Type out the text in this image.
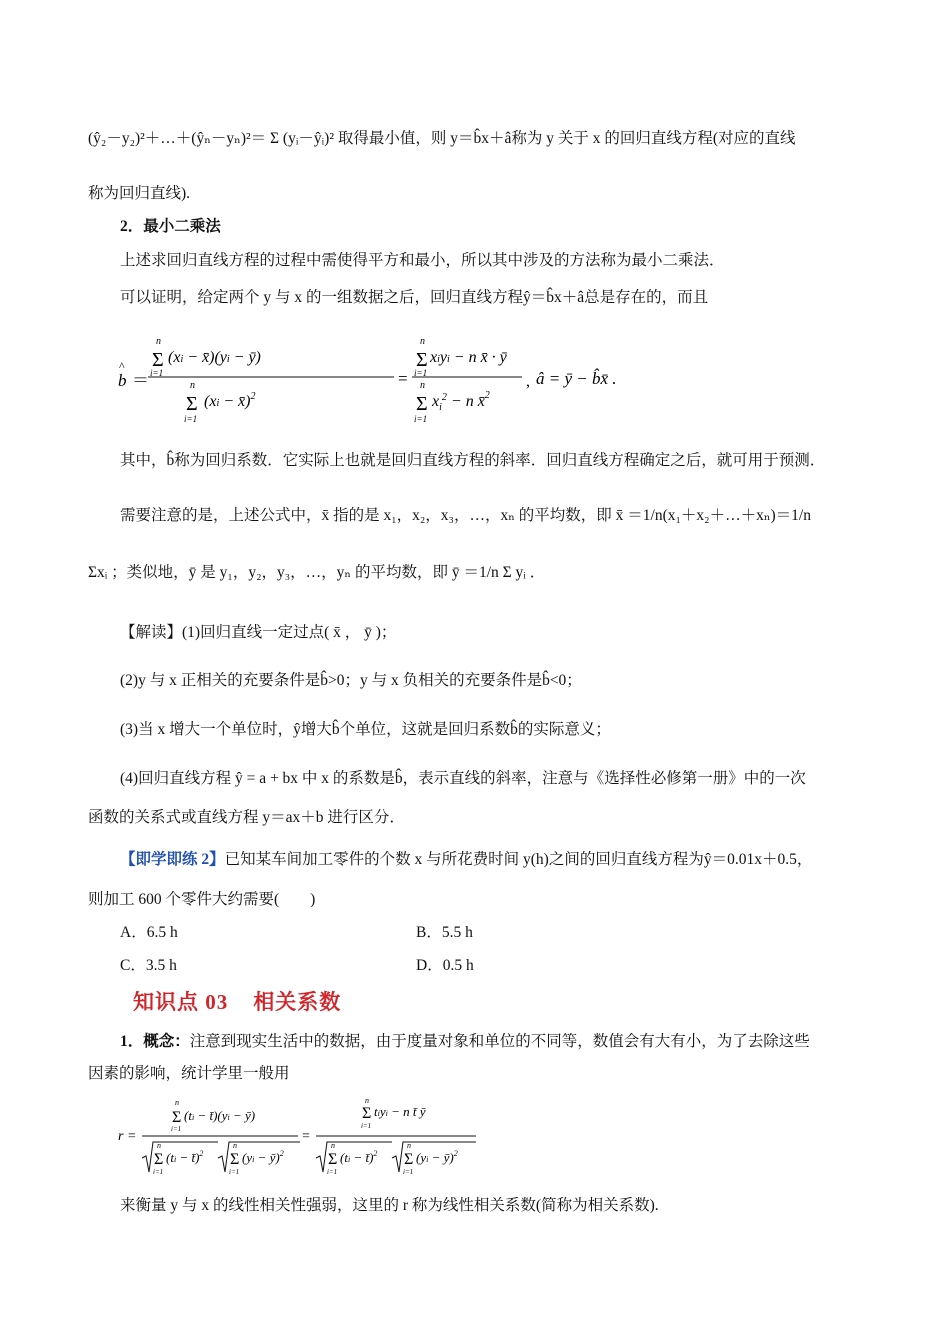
(ŷ₂－y₂)²＋…＋(ŷₙ－yₙ)²＝ Σ (yᵢ－ŷᵢ)² 取得最小值，则 y＝b̂x＋â称为 y 关于 x 的回归直线方程(对应的直线
称为回归直线).
2．最小二乘法
上述求回归直线方程的过程中需使得平方和最小，所以其中涉及的方法称为最小二乘法．
可以证明，给定两个 y 与 x 的一组数据之后，回归直线方程ŷ＝b̂x＋â总是存在的，而且
b
^
＝
Σ
n
i=1
(xi − x̄)(yi − ȳ)
Σ
n
i=1
(xi − x̄)$^2$
=
Σ
n
i=1
xiyi − n x̄ · ȳ
Σ
n
i=1
$x_i^2 - n$ x̄$^2$
, â = ȳ − b̂x̄ .
其中，b̂称为回归系数．它实际上也就是回归直线方程的斜率．回归直线方程确定之后，就可用于预测．
需要注意的是，上述公式中，x̄ 指的是 x₁，x₂，x₃，…，xₙ 的平均数，即 x̄ ＝1/n(x₁＋x₂＋…＋xₙ)＝1/n
Σxᵢ ；类似地，ȳ 是 y₁，y₂，y₃，…，yₙ 的平均数，即 ȳ ＝1/n Σ yᵢ ．
【解读】(1)回归直线一定过点( x̄ ， ȳ )；
(2)y 与 x 正相关的充要条件是b̂>0；y 与 x 负相关的充要条件是b̂<0；
(3)当 x 增大一个单位时，ŷ增大b̂个单位，这就是回归系数b̂的实际意义；
(4)回归直线方程 ŷ = a + bx 中 x 的系数是b̂，表示直线的斜率，注意与《选择性必修第一册》中的一次
函数的关系式或直线方程 y＝ax＋b 进行区分．
【即学即练 2】已知某车间加工零件的个数 x 与所花费时间 y(h)之间的回归直线方程为ŷ＝0.01x＋0.5，
则加工 600 个零件大约需要(　　)
A．6.5 h	B．5.5 h
C．3.5 h	D．0.5 h
知识点 03 相关系数
1．概念：注意到现实生活中的数据，由于度量对象和单位的不同等，数值会有大有小，为了去除这些
因素的影响，统计学里一般用
r =
Σ
n
i=1
(ti − t̄)(yi − ȳ)
Σ
n
i=1
(ti − t̄)$^2$ Σ
n
i=1
(yi − ȳ)$^2$
=
Σ
n
i=1
tiyi − n t̄ ȳ
Σ
n
i=1
(ti − t̄)$^2$ Σ
n
i=1
(yi − ȳ)$^2$
来衡量 y 与 x 的线性相关性强弱，这里的 r 称为线性相关系数(简称为相关系数).
